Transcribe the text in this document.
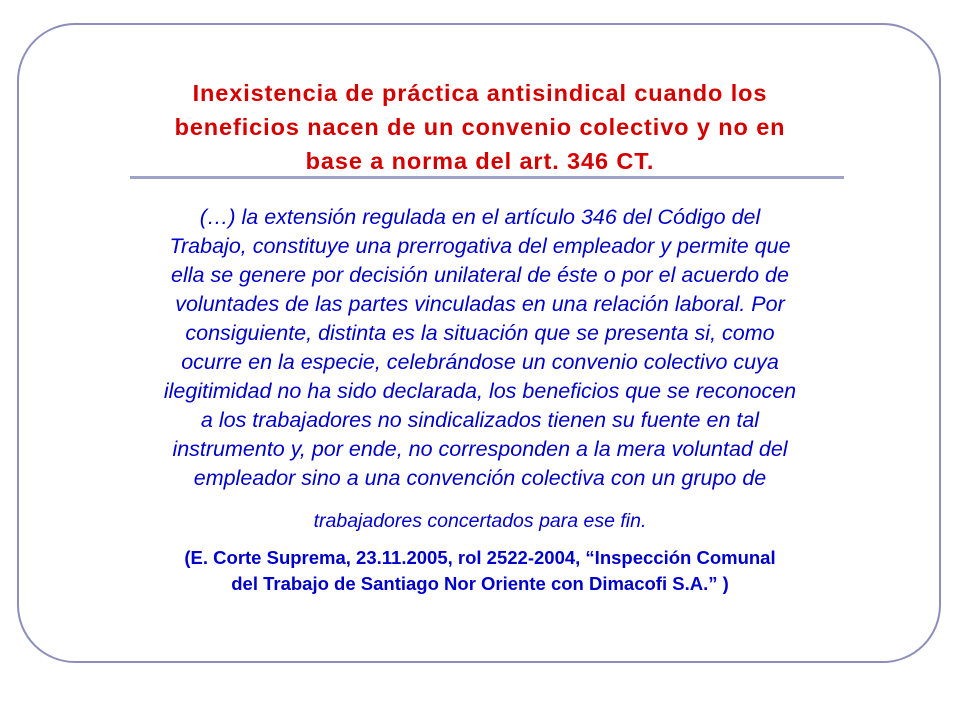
Inexistencia de práctica antisindical cuando los
beneficios nacen de un convenio colectivo y no en
base a norma del art. 346 CT.

(…) la extensión regulada en el artículo 346 del Código del
Trabajo, constituye una prerrogativa del empleador y permite que
ella se genere por decisión unilateral de éste o por el acuerdo de
voluntades de las partes vinculadas en una relación laboral. Por
consiguiente, distinta es la situación que se presenta si, como
ocurre en la especie, celebrándose un convenio colectivo cuya
ilegitimidad no ha sido declarada, los beneficios que se reconocen
a los trabajadores no sindicalizados tienen su fuente en tal
instrumento y, por ende, no corresponden a la mera voluntad del
empleador sino a una convención colectiva con un grupo de

trabajadores concertados para ese fin.

(E. Corte Suprema, 23.11.2005, rol 2522-2004, “Inspección Comunal
del Trabajo de Santiago Nor Oriente con Dimacofi S.A.” )
